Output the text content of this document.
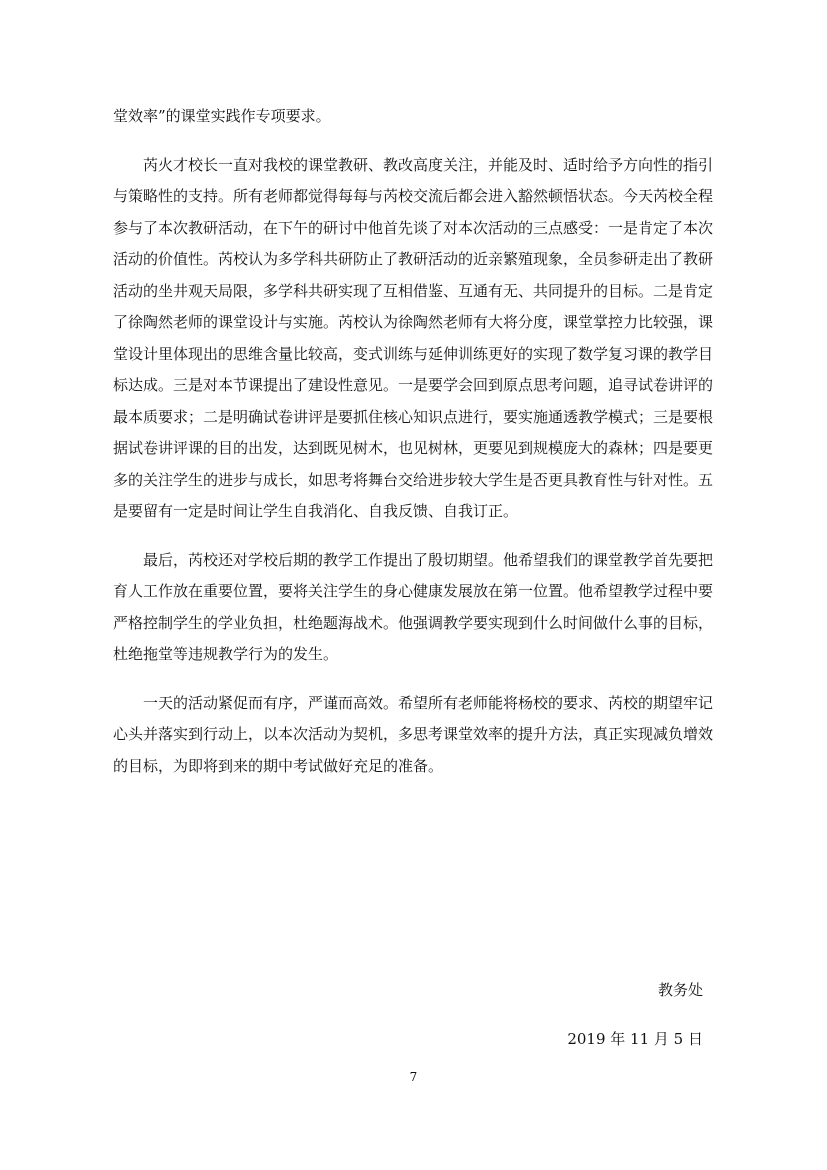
堂效率”的课堂实践作专项要求。

芮火才校长一直对我校的课堂教研、教改高度关注，并能及时、适时给予方向性的指引与策略性的支持。所有老师都觉得每每与芮校交流后都会进入豁然顿悟状态。今天芮校全程参与了本次教研活动，在下午的研讨中他首先谈了对本次活动的三点感受：一是肯定了本次活动的价值性。芮校认为多学科共研防止了教研活动的近亲繁殖现象，全员参研走出了教研活动的坐井观天局限，多学科共研实现了互相借鉴、互通有无、共同提升的目标。二是肯定了徐陶然老师的课堂设计与实施。芮校认为徐陶然老师有大将分度，课堂掌控力比较强，课堂设计里体现出的思维含量比较高，变式训练与延伸训练更好的实现了数学复习课的教学目标达成。三是对本节课提出了建设性意见。一是要学会回到原点思考问题，追寻试卷讲评的最本质要求；二是明确试卷讲评是要抓住核心知识点进行，要实施通透教学模式；三是要根据试卷讲评课的目的出发，达到既见树木，也见树林，更要见到规模庞大的森林；四是要更多的关注学生的进步与成长，如思考将舞台交给进步较大学生是否更具教育性与针对性。五是要留有一定是时间让学生自我消化、自我反馈、自我订正。

最后，芮校还对学校后期的教学工作提出了殷切期望。他希望我们的课堂教学首先要把育人工作放在重要位置，要将关注学生的身心健康发展放在第一位置。他希望教学过程中要严格控制学生的学业负担，杜绝题海战术。他强调教学要实现到什么时间做什么事的目标，杜绝拖堂等违规教学行为的发生。

一天的活动紧促而有序，严谨而高效。希望所有老师能将杨校的要求、芮校的期望牢记心头并落实到行动上，以本次活动为契机，多思考课堂效率的提升方法，真正实现减负增效的目标，为即将到来的期中考试做好充足的准备。

教务处
2019 年 11 月 5 日
7
